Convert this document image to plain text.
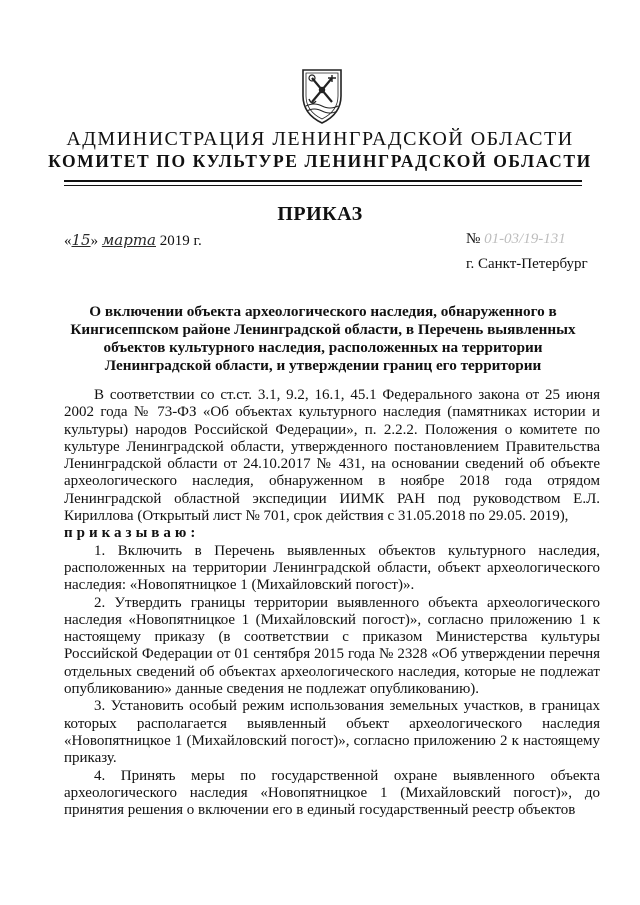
АДМИНИСТРАЦИЯ ЛЕНИНГРАДСКОЙ ОБЛАСТИ
КОМИТЕТ ПО КУЛЬТУРЕ ЛЕНИНГРАДСКОЙ ОБЛАСТИ
ПРИКАЗ
«15» марта 2019 г.	№ 01-03/19-131
г. Санкт-Петербург
О включении объекта археологического наследия, обнаруженного в Кингисеппском районе Ленинградской области, в Перечень выявленных объектов культурного наследия, расположенных на территории Ленинградской области, и утверждении границ его территории

В соответствии со ст.ст. 3.1, 9.2, 16.1, 45.1 Федерального закона от 25 июня 2002 года № 73-ФЗ «Об объектах культурного наследия (памятниках истории и культуры) народов Российской Федерации», п. 2.2.2. Положения о комитете по культуре Ленинградской области, утвержденного постановлением Правительства Ленинградской области от 24.10.2017 № 431, на основании сведений об объекте археологического наследия, обнаруженном в ноябре 2018 года отрядом Ленинградской областной экспедиции ИИМК РАН под руководством Е.Л. Кириллова (Открытый лист № 701, срок действия с 31.05.2018 по 29.05. 2019),

приказываю:

1. Включить в Перечень выявленных объектов культурного наследия, расположенных на территории Ленинградской области, объект археологического наследия: «Новопятницкое 1 (Михайловский погост)».

2. Утвердить границы территории выявленного объекта археологического наследия «Новопятницкое 1 (Михайловский погост)», согласно приложению 1 к настоящему приказу (в соответствии с приказом Министерства культуры Российской Федерации от 01 сентября 2015 года № 2328 «Об утверждении перечня отдельных сведений об объектах археологического наследия, которые не подлежат опубликованию» данные сведения не подлежат опубликованию).

3. Установить особый режим использования земельных участков, в границах которых располагается выявленный объект археологического наследия «Новопятницкое 1 (Михайловский погост)», согласно приложению 2 к настоящему приказу.

4. Принять меры по государственной охране выявленного объекта археологического наследия «Новопятницкое 1 (Михайловский погост)», до принятия решения о включении его в единый государственный реестр объектов
